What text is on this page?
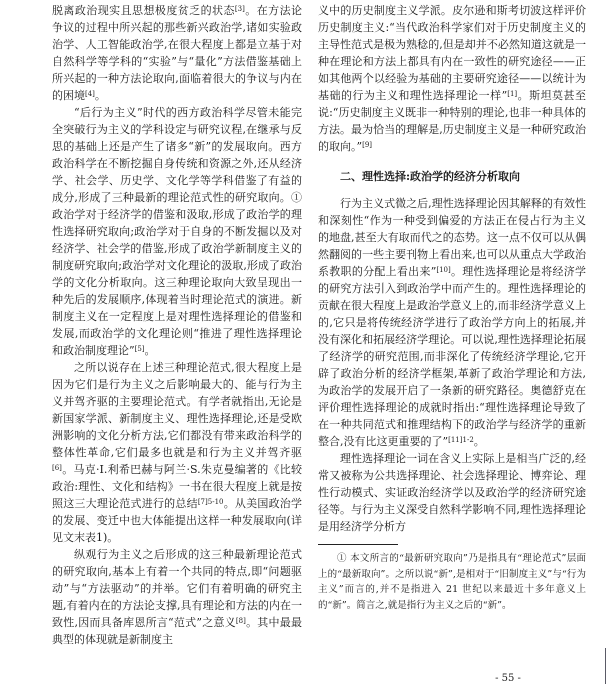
脱离政治现实且思想极度贫乏的状态[3]。在方法论争议的过程中所兴起的那些新兴政治学,诸如实验政治学、人工智能政治学,在很大程度上都是立基于对自然科学等学科的“实验”与“量化”方法借鉴基础上所兴起的一种方法论取向,面临着很大的争议与内在的困境[4]。

“后行为主义”时代的西方政治科学尽管未能完全突破行为主义的学科设定与研究议程,在继承与反思的基础上还是产生了诸多“新”的发展取向。西方政治科学在不断挖掘自身传统和资源之外,还从经济学、社会学、历史学、文化学等学科借鉴了有益的成分,形成了三种最新的理论范式性的研究取向。① 政治学对于经济学的借鉴和汲取,形成了政治学的理性选择研究取向;政治学对于自身的不断发掘以及对经济学、社会学的借鉴,形成了政治学新制度主义的制度研究取向;政治学对文化理论的汲取,形成了政治学的文化分析取向。这三种理论取向大致呈现出一种先后的发展顺序,体现着当时理论范式的演进。新制度主义在一定程度上是对理性选择理论的借鉴和发展,而政治学的文化理论则“推进了理性选择理论和政治制度理论”[5]。

之所以说存在上述三种理论范式,很大程度上是因为它们是行为主义之后影响最大的、能与行为主义并驾齐驱的主要理论范式。有学者就指出,无论是新国家学派、新制度主义、理性选择理论,还是受欧洲影响的文化分析方法,它们都没有带来政治科学的整体性革命,它们最多也就是和行为主义并驾齐驱[6]。马克·I.利希巴赫与阿兰·S.朱克曼编著的《比较政治:理性、文化和结构》一书在很大程度上就是按照这三大理论范式进行的总结$^{[7]5-10}$。从美国政治学的发展、变迁中也大体能提出这样一种发展取向(详见文末表1)。

纵观行为主义之后形成的这三种最新理论范式的研究取向,基本上有着一个共同的特点,即“问题驱动”与“方法驱动”的并举。它们有着明确的研究主题,有着内在的方法论支撑,具有理论和方法的内在一致性,因而具备库恩所言“范式”之意义[8]。其中最最典型的体现就是新制度主

义中的历史制度主义学派。皮尔逊和斯考切波这样评价历史制度主义:“当代政治科学家们对于历史制度主义的主导性范式是极为熟稔的,但是却并不必然知道这就是一种在理论和方法上都具有内在一致性的研究途径——正如其他两个以经验为基础的主要研究途径——以统计为基础的行为主义和理性选择理论一样”[1]。斯坦莫甚至说:“历史制度主义既非一种特别的理论,也非一种具体的方法。最为恰当的理解是,历史制度主义是一种研究政治的取向。”[9]

二、理性选择:政治学的经济分析取向

行为主义式微之后,理性选择理论因其解释的有效性和深刻性“作为一种受到偏爱的方法正在侵占行为主义的地盘,甚至大有取而代之的态势。这一点不仅可以从偶然翻阅的一些主要刊物上看出来,也可以从重点大学政治系教职的分配上看出来”[10]。理性选择理论是将经济学的研究方法引入到政治学中而产生的。理性选择理论的贡献在很大程度上是政治学意义上的,而非经济学意义上的,它只是将传统经济学进行了政治学方向上的拓展,并没有深化和拓展经济学理论。可以说,理性选择理论拓展了经济学的研究范围,而非深化了传统经济学理论,它开辟了政治分析的经济学框架,革新了政治学理论和方法,为政治学的发展开启了一条新的研究路径。奥德舒克在评价理性选择理论的成就时指出:“理性选择理论导致了在一种共同范式和推理结构下的政治学与经济学的重新整合,没有比这更重要的了”$^{[11]1-2}$。

理性选择理论一词在含义上实际上是相当广泛的,经常又被称为公共选择理论、社会选择理论、博弈论、理性行动模式、实证政治经济学以及政治学的经济研究途径等。与行为主义深受自然科学影响不同,理性选择理论是用经济学分析方

① 本文所言的“最新研究取向”乃是指具有“理论范式”层面上的“最新取向”。之所以说“新”,是相对于“旧制度主义”与“行为主义”而言的,并不是指进入 21 世纪以来最近十多年意义上的“新”。简言之,就是指行为主义之后的“新”。

- 55 -
